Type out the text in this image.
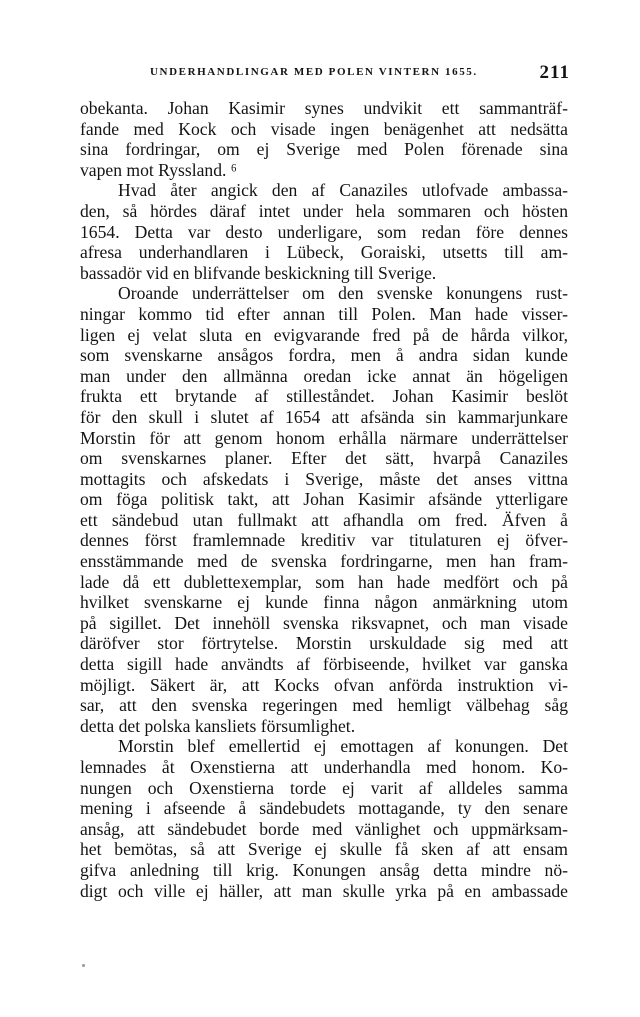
UNDERHANDLINGAR MED POLEN VINTERN 1655.	211
obekanta. Johan Kasimir synes undvikit ett sammanträf-
fande med Kock och visade ingen benägenhet att nedsätta
sina fordringar, om ej Sverige med Polen förenade sina
vapen mot Ryssland. ⁶
Hvad åter angick den af Canaziles utlofvade ambassa-
den, så hördes däraf intet under hela sommaren och hösten
1654. Detta var desto underligare, som redan före dennes
afresa underhandlaren i Lübeck, Goraiski, utsetts till am-
bassadör vid en blifvande beskickning till Sverige.
Oroande underrättelser om den svenske konungens rust-
ningar kommo tid efter annan till Polen. Man hade visser-
ligen ej velat sluta en evigvarande fred på de hårda vilkor,
som svenskarne ansågos fordra, men å andra sidan kunde
man under den allmänna oredan icke annat än högeligen
frukta ett brytande af stilleståndet. Johan Kasimir beslöt
för den skull i slutet af 1654 att afsända sin kammarjunkare
Morstin för att genom honom erhålla närmare underrättelser
om svenskarnes planer. Efter det sätt, hvarpå Canaziles
mottagits och afskedats i Sverige, måste det anses vittna
om föga politisk takt, att Johan Kasimir afsände ytterligare
ett sändebud utan fullmakt att afhandla om fred. Äfven å
dennes först framlemnade kreditiv var titulaturen ej öfver-
ensstämmande med de svenska fordringarne, men han fram-
lade då ett dublettexemplar, som han hade medfört och på
hvilket svenskarne ej kunde finna någon anmärkning utom
på sigillet. Det innehöll svenska riksvapnet, och man visade
däröfver stor förtrytelse. Morstin urskuldade sig med att
detta sigill hade användts af förbiseende, hvilket var ganska
möjligt. Säkert är, att Kocks ofvan anförda instruktion vi-
sar, att den svenska regeringen med hemligt välbehag såg
detta det polska kansliets försumlighet.
Morstin blef emellertid ej emottagen af konungen. Det
lemnades åt Oxenstierna att underhandla med honom. Ko-
nungen och Oxenstierna torde ej varit af alldeles samma
mening i afseende å sändebudets mottagande, ty den senare
ansåg, att sändebudet borde med vänlighet och uppmärksam-
het bemötas, så att Sverige ej skulle få sken af att ensam
gifva anledning till krig. Konungen ansåg detta mindre nö-
digt och ville ej häller, att man skulle yrka på en ambassade
